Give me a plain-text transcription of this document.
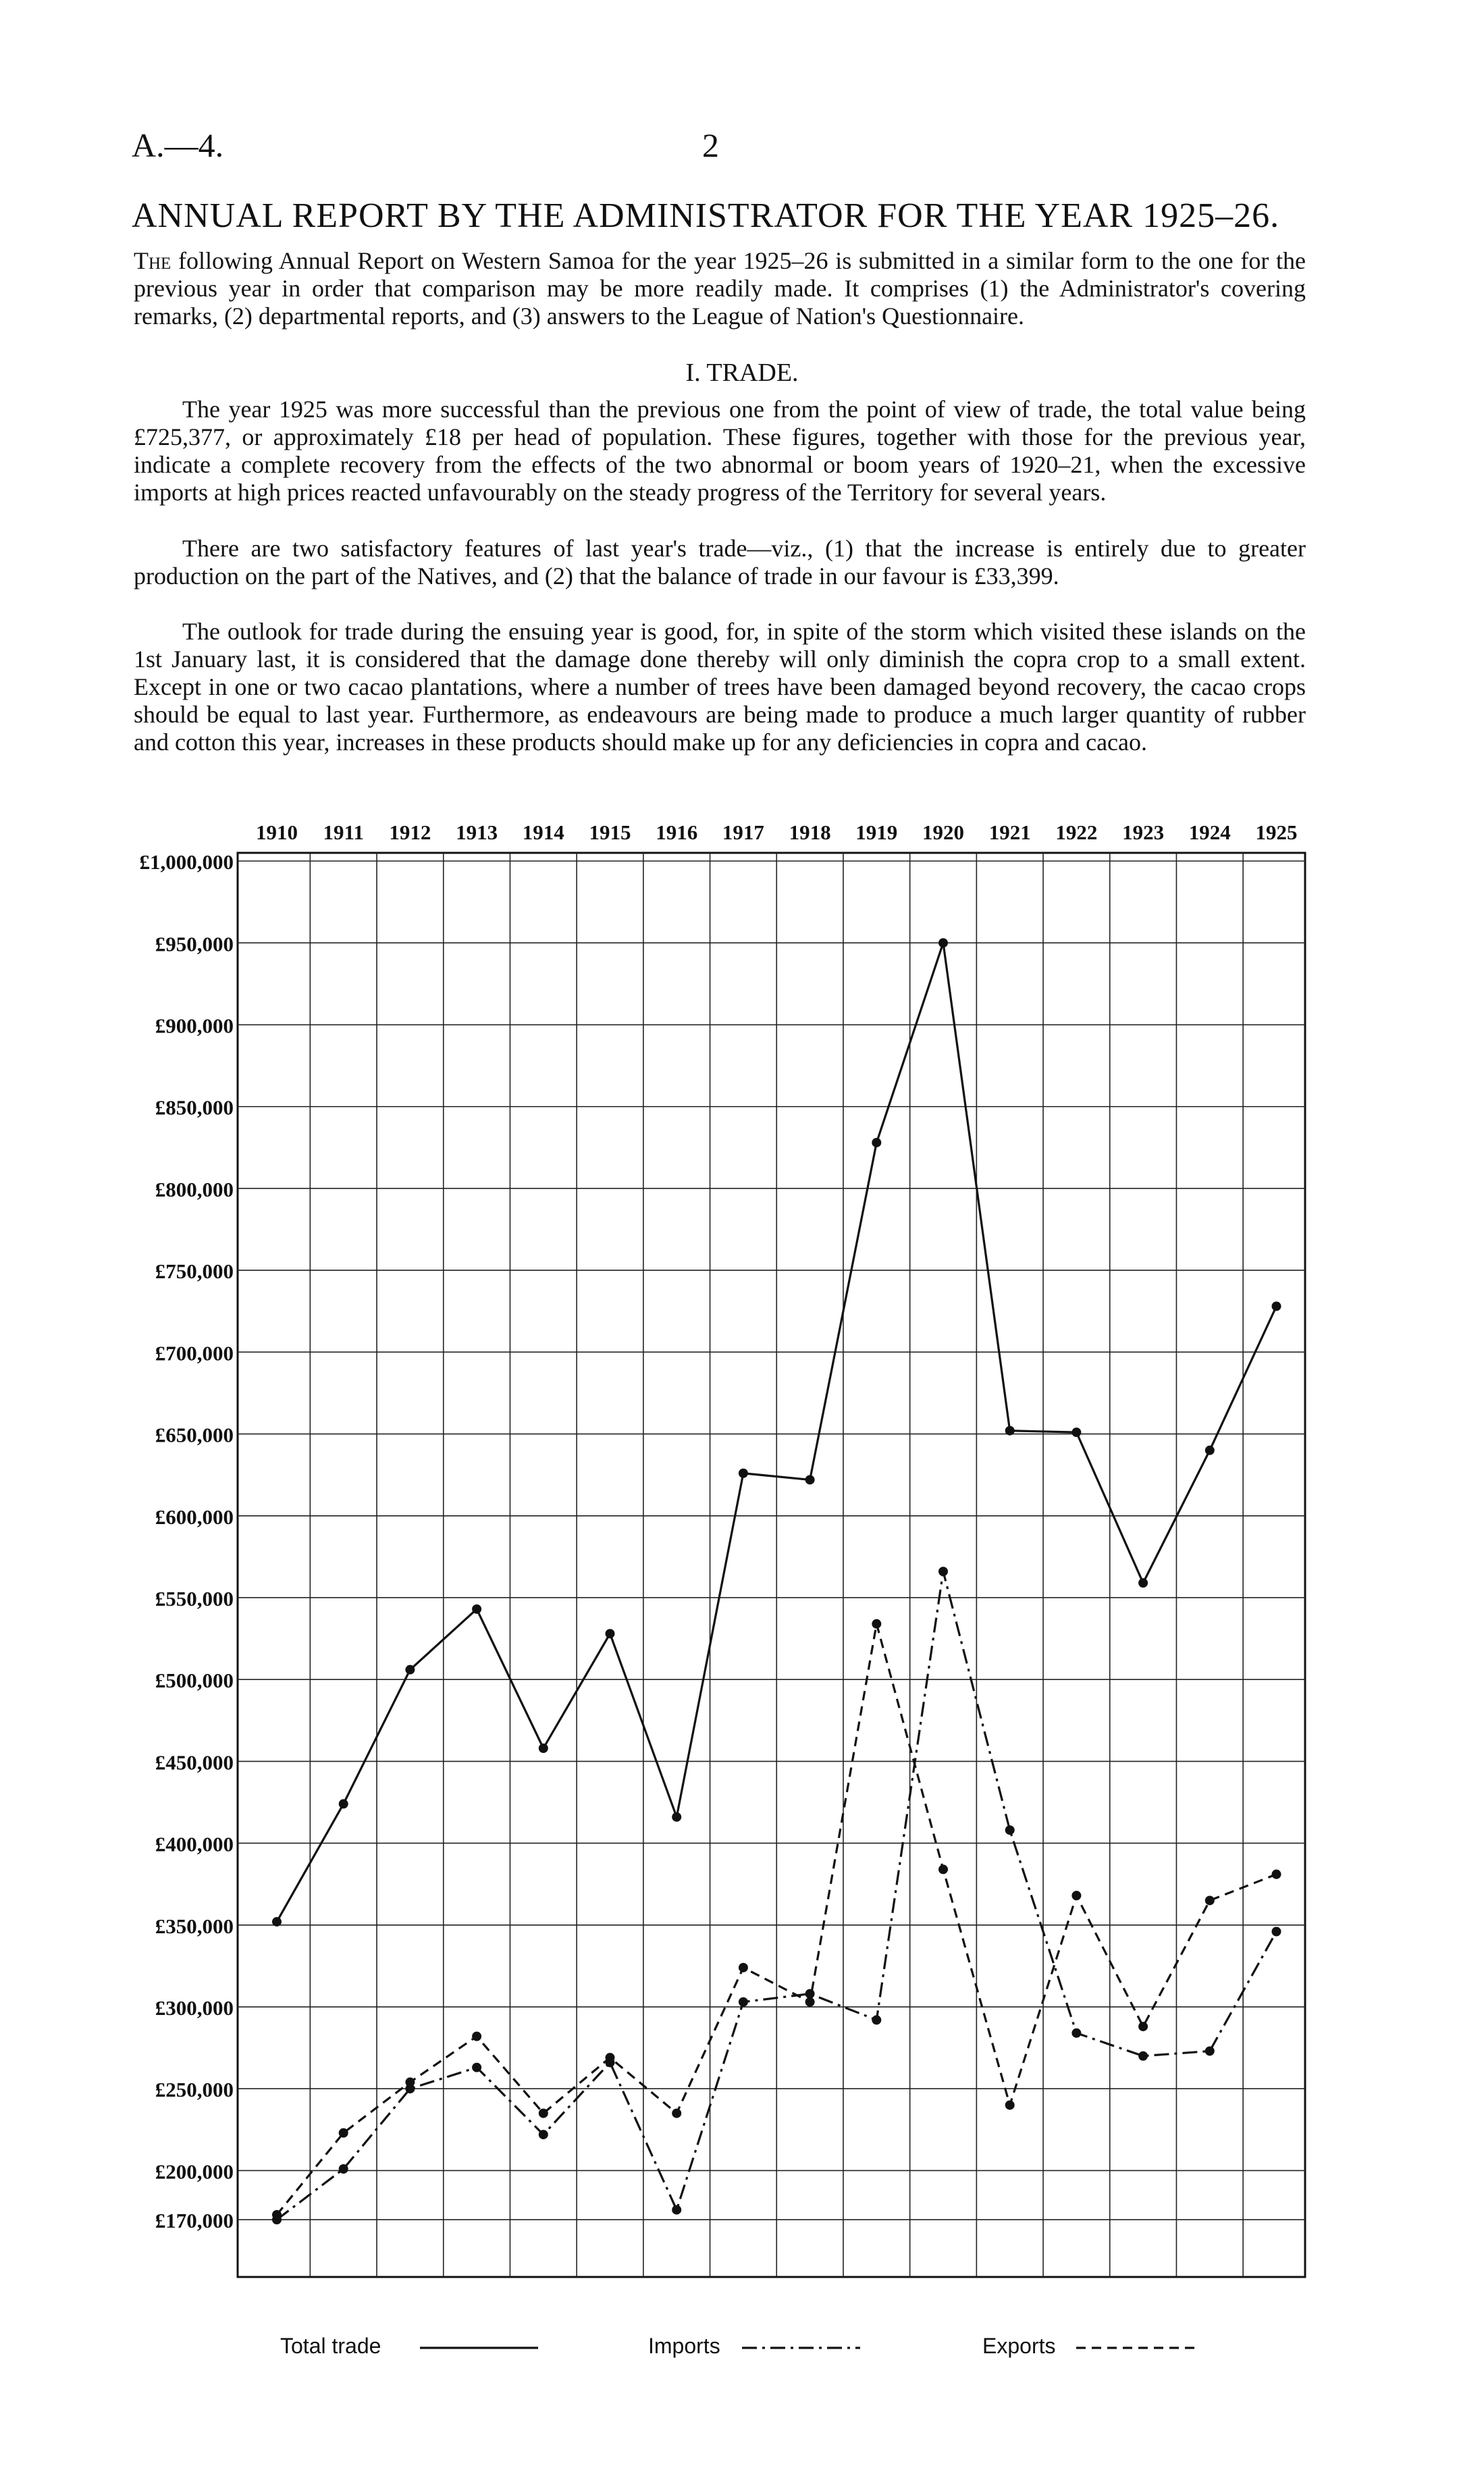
A.—4.	2
ANNUAL REPORT BY THE ADMINISTRATOR FOR THE YEAR 1925–26.

The following Annual Report on Western Samoa for the year 1925–26 is submitted in a similar form to the one for the previous year in order that comparison may be more readily made. It comprises (1) the Administrator's covering remarks, (2) departmental reports, and (3) answers to the League of Nation's Questionnaire.

I. TRADE.

The year 1925 was more successful than the previous one from the point of view of trade, the total value being £725,377, or approximately £18 per head of population. These figures, together with those for the previous year, indicate a complete recovery from the effects of the two abnormal or boom years of 1920–21, when the excessive imports at high prices reacted unfavourably on the steady progress of the Territory for several years.

There are two satisfactory features of last year's trade—viz., (1) that the increase is entirely due to greater production on the part of the Natives, and (2) that the balance of trade in our favour is £33,399.

The outlook for trade during the ensuing year is good, for, in spite of the storm which visited these islands on the 1st January last, it is considered that the damage done thereby will only diminish the copra crop to a small extent. Except in one or two cacao plantations, where a number of trees have been damaged beyond recovery, the cacao crops should be equal to last year. Furthermore, as endeavours are being made to produce a much larger quantity of rubber and cotton this year, increases in these products should make up for any deficiencies in copra and cacao.

£1,000,000
£950,000
£900,000
£850,000
£800,000
£750,000
£700,000
£650,000
£600,000
£550,000
£500,000
£450,000
£400,000
£350,000
£300,000
£250,000
£200,000
£170,000
1910 1911 1912 1913 1914 1915 1916 1917 1918 1919 1920 1921 1922 1923 1924 1925
Total trade	Imports	Exports
